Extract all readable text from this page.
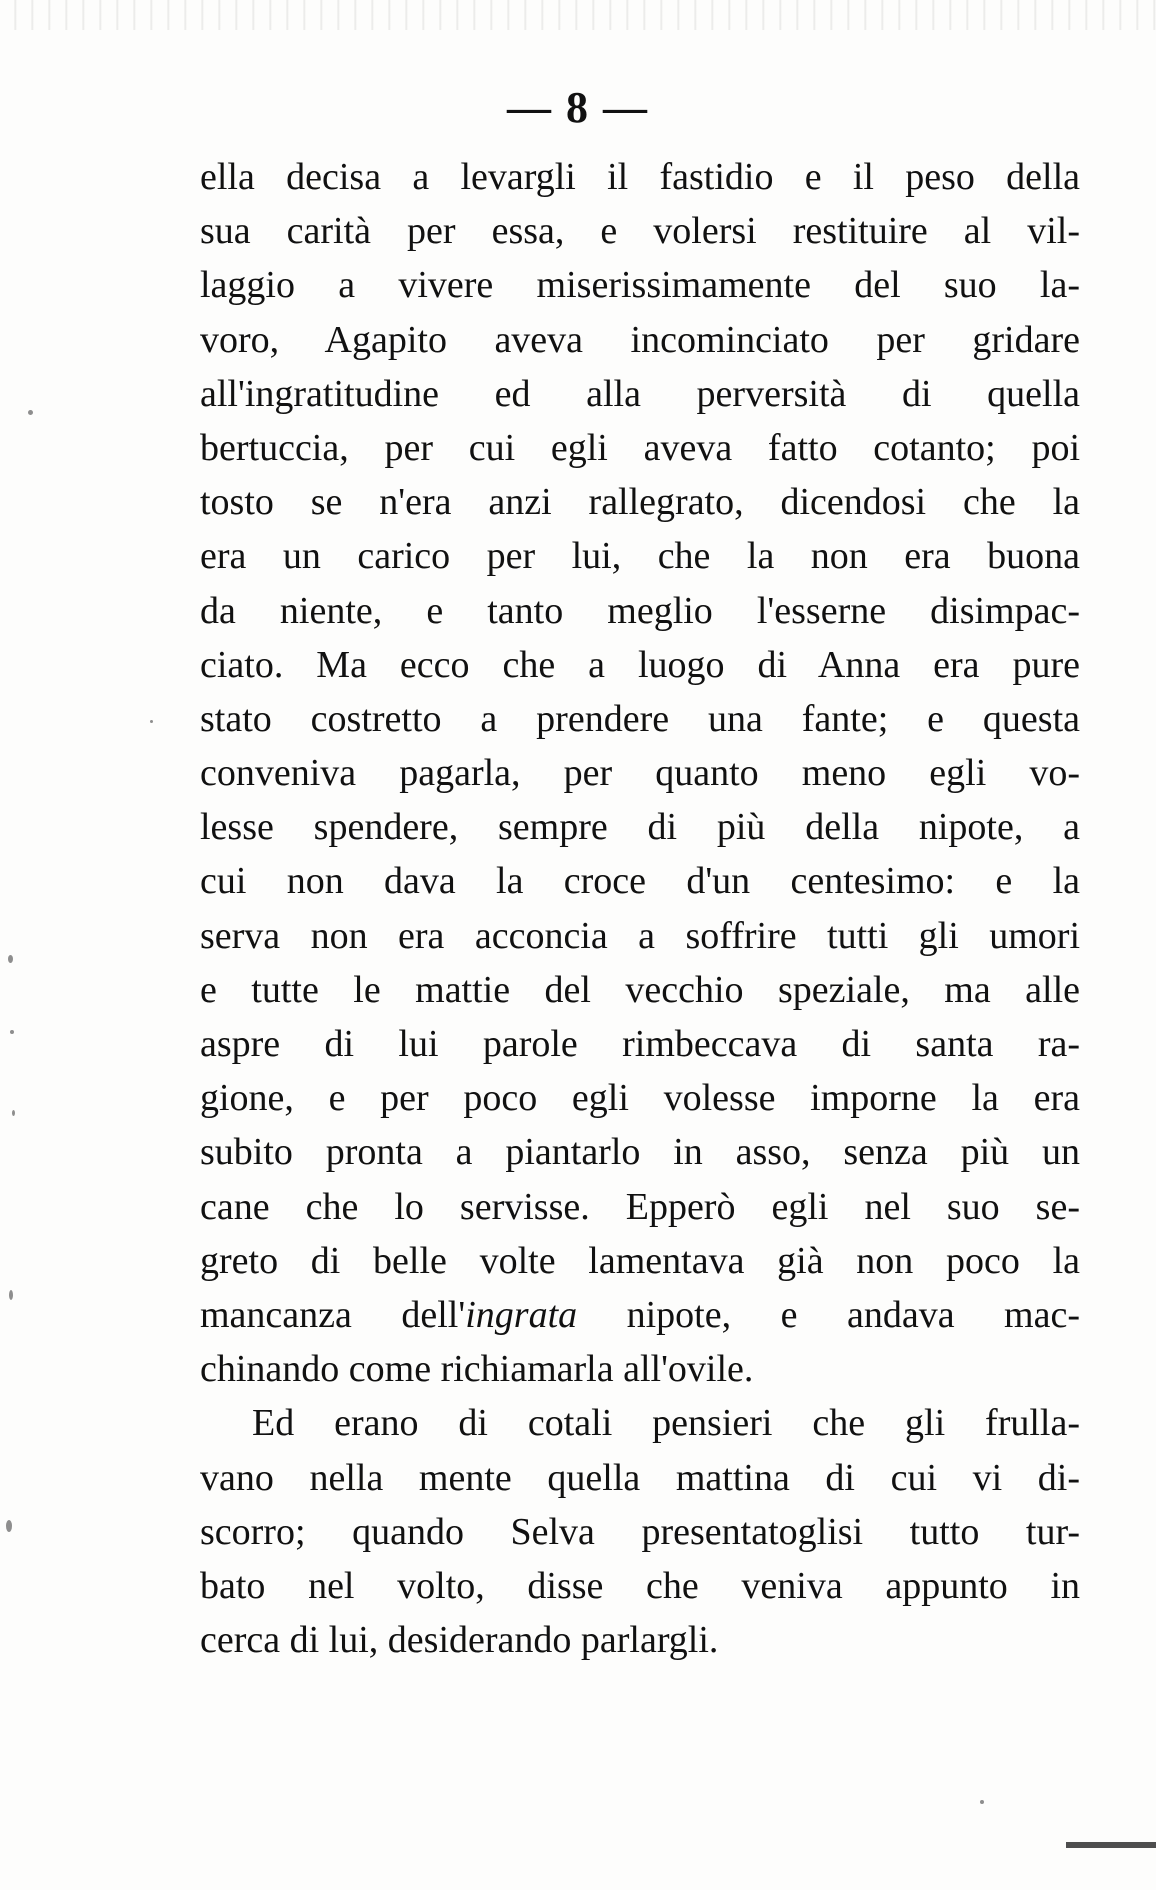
— 8 —
ella decisa a levargli il fastidio e il peso della
sua carità per essa, e volersi restituire al vil-
laggio a vivere miserissimamente del suo la-
voro, Agapito aveva incominciato per gridare
all'ingratitudine ed alla perversità di quella
bertuccia, per cui egli aveva fatto cotanto; poi
tosto se n'era anzi rallegrato, dicendosi che la
era un carico per lui, che la non era buona
da niente, e tanto meglio l'esserne disimpac-
ciato. Ma ecco che a luogo di Anna era pure
stato costretto a prendere una fante; e questa
conveniva pagarla, per quanto meno egli vo-
lesse spendere, sempre di più della nipote, a
cui non dava la croce d'un centesimo: e la
serva non era acconcia a soffrire tutti gli umori
e tutte le mattie del vecchio speziale, ma alle
aspre di lui parole rimbeccava di santa ra-
gione, e per poco egli volesse imporne la era
subito pronta a piantarlo in asso, senza più un
cane che lo servisse. Epperò egli nel suo se-
greto di belle volte lamentava già non poco la
mancanza dell'ingrata nipote, e andava mac-
chinando come richiamarla all'ovile.
Ed erano di cotali pensieri che gli frulla-
vano nella mente quella mattina di cui vi di-
scorro; quando Selva presentatoglisi tutto tur-
bato nel volto, disse che veniva appunto in
cerca di lui, desiderando parlargli.
